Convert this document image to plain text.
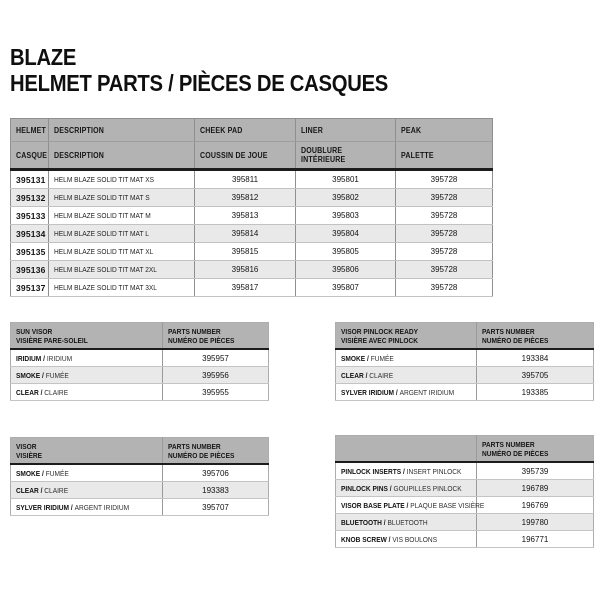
BLAZE
HELMET PARTS / PIÈCES DE CASQUES
HELMET	DESCRIPTION	CHEEK PAD	LINER	PEAK
CASQUE	DESCRIPTION	COUSSIN DE JOUE	DOUBLURE INTÉRIEURE	PALETTE
395131	HELM BLAZE SOLID TIT MAT XS	395811	395801	395728
395132	HELM BLAZE SOLID TIT MAT S	395812	395802	395728
395133	HELM BLAZE SOLID TIT MAT M	395813	395803	395728
395134	HELM BLAZE SOLID TIT MAT L	395814	395804	395728
395135	HELM BLAZE SOLID TIT MAT XL	395815	395805	395728
395136	HELM BLAZE SOLID TIT MAT 2XL	395816	395806	395728
395137	HELM BLAZE SOLID TIT MAT 3XL	395817	395807	395728
SUN VISOR
VISIÈRE PARE-SOLEIL

PARTS NUMBER
NUMÉRO DE PIÈCES

IRIDIUM / IRIDIUM	395957
SMOKE / FUMÉE	395956
CLEAR / CLAIRE	395955
VISOR PINLOCK READY
VISIÈRE AVEC PINLOCK

PARTS NUMBER
NUMÉRO DE PIÈCES

SMOKE / FUMÉE	193384
CLEAR / CLAIRE	395705
SYLVER IRIDIUM / ARGENT IRIDIUM	193385
VISOR
VISIÈRE

PARTS NUMBER
NUMÉRO DE PIÈCES

SMOKE / FUMÉE	395706
CLEAR / CLAIRE	193383
SYLVER IRIDIUM / ARGENT IRIDIUM	395707

	PARTS NUMBER
NUMÉRO DE PIÈCES

PINLOCK INSERTS / INSERT PINLOCK	395739
PINLOCK PINS / GOUPILLES PINLOCK	196789
VISOR BASE PLATE / PLAQUE BASE VISIÈRE	196769
BLUETOOTH / BLUETOOTH	199780
KNOB SCREW / VIS BOULONS	196771
